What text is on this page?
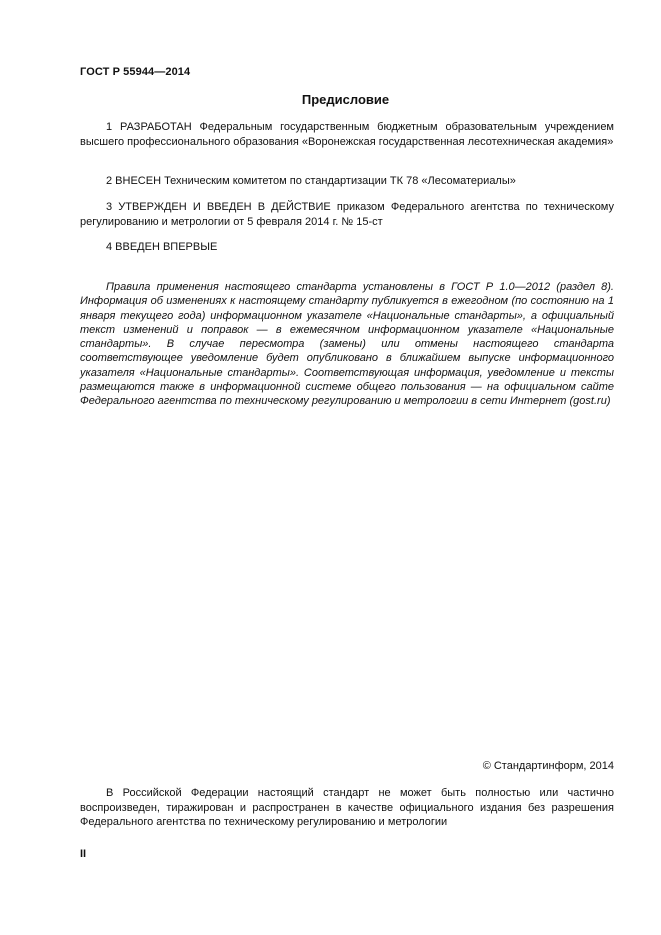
ГОСТ Р 55944—2014
Предисловие

1 РАЗРАБОТАН Федеральным государственным бюджетным образовательным учреждением высшего профессионального образования «Воронежская государственная лесотехническая академия»

2 ВНЕСЕН Техническим комитетом по стандартизации ТК 78 «Лесоматериалы»

3 УТВЕРЖДЕН И ВВЕДЕН В ДЕЙСТВИЕ приказом Федерального агентства по техническому регулированию и метрологии от 5 февраля 2014 г. № 15-ст

4 ВВЕДЕН ВПЕРВЫЕ

Правила применения настоящего стандарта установлены в ГОСТ Р 1.0—2012 (раздел 8). Информация об изменениях к настоящему стандарту публикуется в ежегодном (по состоянию на 1 января текущего года) информационном указателе «Национальные стандарты», а официальный текст изменений и поправок — в ежемесячном информационном указателе «Национальные стандарты». В случае пересмотра (замены) или отмены настоящего стандарта соответствующее уведомление будет опубликовано в ближайшем выпуске информационного указателя «Национальные стандарты». Соответствующая информация, уведомление и тексты размещаются также в информационной системе общего пользования — на официальном сайте Федерального агентства по техническому регулированию и метрологии в сети Интернет (gost.ru)

© Стандартинформ, 2014

В Российской Федерации настоящий стандарт не может быть полностью или частично воспроизведен, тиражирован и распространен в качестве официального издания без разрешения Федерального агентства по техническому регулированию и метрологии

II
